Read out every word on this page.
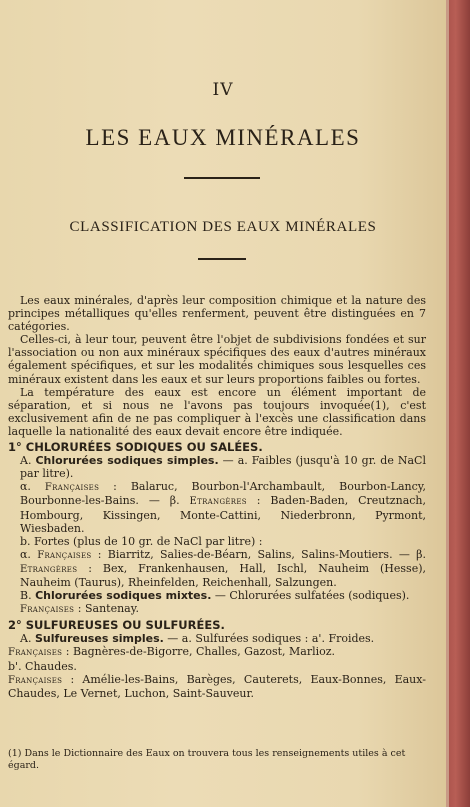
IV
LES EAUX MINÉRALES
CLASSIFICATION DES EAUX MINÉRALES

Les eaux minérales, d'après leur composition chimique et la nature des principes métalliques qu'elles renferment, peuvent être distinguées en 7 catégories.

Celles-ci, à leur tour, peuvent être l'objet de subdivisions fondées et sur l'association ou non aux minéraux spécifiques des eaux d'autres minéraux également spécifiques, et sur les modalités chimiques sous lesquelles ces minéraux existent dans les eaux et sur leurs proportions faibles ou fortes.

La température des eaux est encore un élément important de séparation, et si nous ne l'avons pas toujours invoquée(1), c'est exclusivement afin de ne pas compliquer à l'excès une classification dans laquelle la nationalité des eaux devait encore être indiquée.

1° CHLORURÉES SODIQUES OU SALÉES.

A. Chlorurées sodiques simples. — a. Faibles (jusqu'à 10 gr. de NaCl par litre).

α. Françaises : Balaruc, Bourbon-l'Archambault, Bourbon-Lancy, Bourbonne-les-Bains. — β. Etrangères : Baden-Baden, Creutznach, Hombourg, Kissingen, Monte-Cattini, Niederbronn, Pyrmont, Wiesbaden.

b. Fortes (plus de 10 gr. de NaCl par litre) :

α. Françaises : Biarritz, Salies-de-Béarn, Salins, Salins-Moutiers. — β. Etrangères : Bex, Frankenhausen, Hall, Ischl, Nauheim (Hesse), Nauheim (Taurus), Rheinfelden, Reichenhall, Salzungen.

B. Chlorurées sodiques mixtes. — Chlorurées sulfatées (sodiques).

Françaises : Santenay.

2° SULFUREUSES OU SULFURÉES.

A. Sulfureuses simples. — a. Sulfurées sodiques : a'. Froides.

Françaises : Bagnères-de-Bigorre, Challes, Gazost, Marlioz.

b'. Chaudes.

Françaises : Amélie-les-Bains, Barèges, Cauterets, Eaux-Bonnes, Eaux-Chaudes, Le Vernet, Luchon, Saint-Sauveur.

(1) Dans le Dictionnaire des Eaux on trouvera tous les renseignements utiles à cet égard.
